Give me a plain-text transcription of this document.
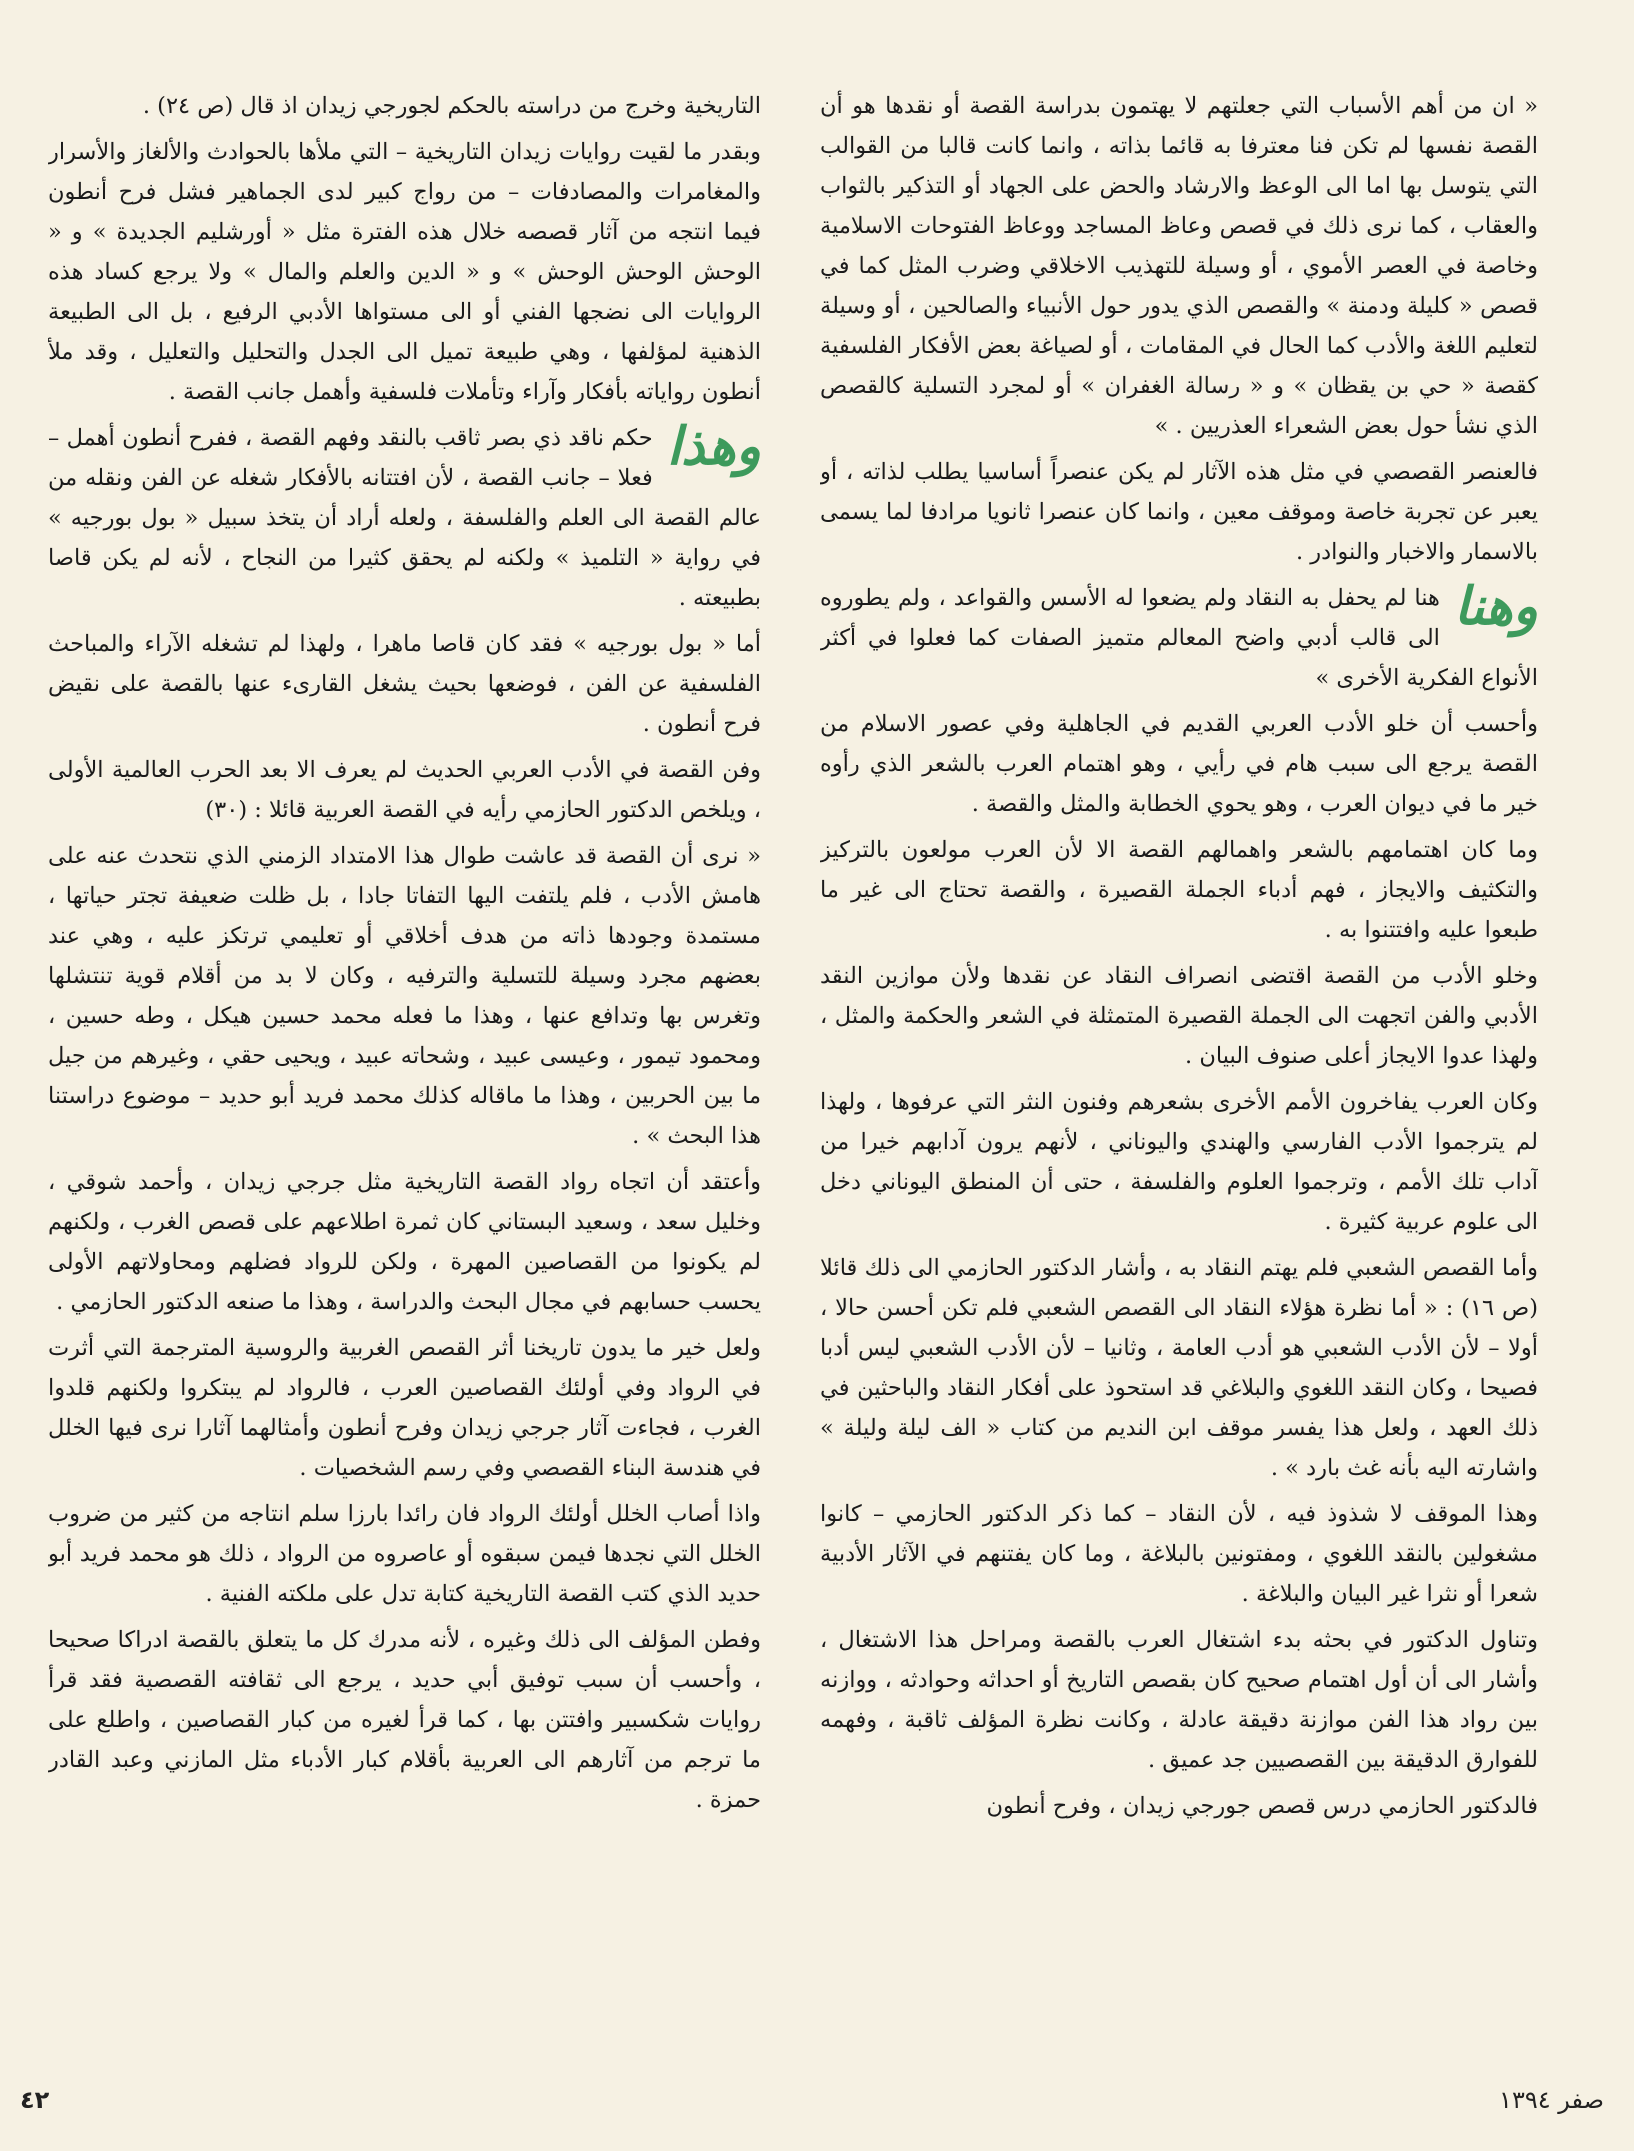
« ان من أهم الأسباب التي جعلتهم لا يهتمون بدراسة القصة أو نقدها هو أن القصة نفسها لم تكن فنا معترفا به قائما بذاته ، وانما كانت قالبا من القوالب التي يتوسل بها اما الى الوعظ والارشاد والحض على الجهاد أو التذكير بالثواب والعقاب ، كما نرى ذلك في قصص وعاظ المساجد ووعاظ الفتوحات الاسلامية وخاصة في العصر الأموي ، أو وسيلة للتهذيب الاخلاقي وضرب المثل كما في قصص « كليلة ودمنة » والقصص الذي يدور حول الأنبياء والصالحين ، أو وسيلة لتعليم اللغة والأدب كما الحال في المقامات ، أو لصياغة بعض الأفكار الفلسفية كقصة « حي بن يقظان » و « رسالة الغفران » أو لمجرد التسلية كالقصص الذي نشأ حول بعض الشعراء العذريين . »

فالعنصر القصصي في مثل هذه الآثار لم يكن عنصراً أساسيا يطلب لذاته ، أو يعبر عن تجربة خاصة وموقف معين ، وانما كان عنصرا ثانويا مرادفا لما يسمى بالاسمار والاخبار والنوادر .

وهنا
هنا لم يحفل به النقاد ولم يضعوا له الأسس والقواعد ، ولم يطوروه الى قالب أدبي واضح المعالم متميز الصفات كما فعلوا في أكثر الأنواع الفكرية الأخرى »

وأحسب أن خلو الأدب العربي القديم في الجاهلية وفي عصور الاسلام من القصة يرجع الى سبب هام في رأيي ، وهو اهتمام العرب بالشعر الذي رأوه خير ما في ديوان العرب ، وهو يحوي الخطابة والمثل والقصة .

وما كان اهتمامهم بالشعر واهمالهم القصة الا لأن العرب مولعون بالتركيز والتكثيف والايجاز ، فهم أدباء الجملة القصيرة ، والقصة تحتاج الى غير ما طبعوا عليه وافتتنوا به .

وخلو الأدب من القصة اقتضى انصراف النقاد عن نقدها ولأن موازين النقد الأدبي والفن اتجهت الى الجملة القصيرة المتمثلة في الشعر والحكمة والمثل ، ولهذا عدوا الايجاز أعلى صنوف البيان .

وكان العرب يفاخرون الأمم الأخرى بشعرهم وفنون النثر التي عرفوها ، ولهذا لم يترجموا الأدب الفارسي والهندي واليوناني ، لأنهم يرون آدابهم خيرا من آداب تلك الأمم ، وترجموا العلوم والفلسفة ، حتى أن المنطق اليوناني دخل الى علوم عربية كثيرة .

وأما القصص الشعبي فلم يهتم النقاد به ، وأشار الدكتور الحازمي الى ذلك قائلا (ص ١٦) : « أما نظرة هؤلاء النقاد الى القصص الشعبي فلم تكن أحسن حالا ، أولا – لأن الأدب الشعبي هو أدب العامة ، وثانيا – لأن الأدب الشعبي ليس أدبا فصيحا ، وكان النقد اللغوي والبلاغي قد استحوذ على أفكار النقاد والباحثين في ذلك العهد ، ولعل هذا يفسر موقف ابن النديم من كتاب « الف ليلة وليلة » واشارته اليه بأنه غث بارد » .

وهذا الموقف لا شذوذ فيه ، لأن النقاد – كما ذكر الدكتور الحازمي – كانوا مشغولين بالنقد اللغوي ، ومفتونين بالبلاغة ، وما كان يفتنهم في الآثار الأدبية شعرا أو نثرا غير البيان والبلاغة .

وتناول الدكتور في بحثه بدء اشتغال العرب بالقصة ومراحل هذا الاشتغال ، وأشار الى أن أول اهتمام صحيح كان بقصص التاريخ أو احداثه وحوادثه ، ووازنه بين رواد هذا الفن موازنة دقيقة عادلة ، وكانت نظرة المؤلف ثاقبة ، وفهمه للفوارق الدقيقة بين القصصيين جد عميق .

فالدكتور الحازمي درس قصص جورجي زيدان ، وفرح أنطون

التاريخية وخرج من دراسته بالحكم لجورجي زيدان اذ قال (ص ٢٤) .

وبقدر ما لقيت روايات زيدان التاريخية – التي ملأها بالحوادث والألغاز والأسرار والمغامرات والمصادفات – من رواج كبير لدى الجماهير فشل فرح أنطون فيما انتجه من آثار قصصه خلال هذه الفترة مثل « أورشليم الجديدة » و « الوحش الوحش الوحش » و « الدين والعلم والمال » ولا يرجع كساد هذه الروايات الى نضجها الفني أو الى مستواها الأدبي الرفيع ، بل الى الطبيعة الذهنية لمؤلفها ، وهي طبيعة تميل الى الجدل والتحليل والتعليل ، وقد ملأ أنطون رواياته بأفكار وآراء وتأملات فلسفية وأهمل جانب القصة .

وهذا
حكم ناقد ذي بصر ثاقب بالنقد وفهم القصة ، ففرح أنطون أهمل – فعلا – جانب القصة ، لأن افتتانه بالأفكار شغله عن الفن ونقله من عالم القصة الى العلم والفلسفة ، ولعله أراد أن يتخذ سبيل « بول بورجيه » في رواية « التلميذ » ولكنه لم يحقق كثيرا من النجاح ، لأنه لم يكن قاصا بطبيعته .

أما « بول بورجيه » فقد كان قاصا ماهرا ، ولهذا لم تشغله الآراء والمباحث الفلسفية عن الفن ، فوضعها بحيث يشغل القارىء عنها بالقصة على نقيض فرح أنطون .

وفن القصة في الأدب العربي الحديث لم يعرف الا بعد الحرب العالمية الأولى ، ويلخص الدكتور الحازمي رأيه في القصة العربية قائلا : (٣٠)

« نرى أن القصة قد عاشت طوال هذا الامتداد الزمني الذي نتحدث عنه على هامش الأدب ، فلم يلتفت اليها التفاتا جادا ، بل ظلت ضعيفة تجتر حياتها ، مستمدة وجودها ذاته من هدف أخلاقي أو تعليمي ترتكز عليه ، وهي عند بعضهم مجرد وسيلة للتسلية والترفيه ، وكان لا بد من أقلام قوية تنتشلها وتغرس بها وتدافع عنها ، وهذا ما فعله محمد حسين هيكل ، وطه حسين ، ومحمود تيمور ، وعيسى عبيد ، وشحاته عبيد ، ويحيى حقي ، وغيرهم من جيل ما بين الحربين ، وهذا ما ماقاله كذلك محمد فريد أبو حديد – موضوع دراستنا هذا البحث » .

وأعتقد أن اتجاه رواد القصة التاريخية مثل جرجي زيدان ، وأحمد شوقي ، وخليل سعد ، وسعيد البستاني كان ثمرة اطلاعهم على قصص الغرب ، ولكنهم لم يكونوا من القصاصين المهرة ، ولكن للرواد فضلهم ومحاولاتهم الأولى يحسب حسابهم في مجال البحث والدراسة ، وهذا ما صنعه الدكتور الحازمي .

ولعل خير ما يدون تاريخنا أثر القصص الغربية والروسية المترجمة التي أثرت في الرواد وفي أولئك القصاصين العرب ، فالرواد لم يبتكروا ولكنهم قلدوا الغرب ، فجاءت آثار جرجي زيدان وفرح أنطون وأمثالهما آثارا نرى فيها الخلل في هندسة البناء القصصي وفي رسم الشخصيات .

واذا أصاب الخلل أولئك الرواد فان رائدا بارزا سلم انتاجه من كثير من ضروب الخلل التي نجدها فيمن سبقوه أو عاصروه من الرواد ، ذلك هو محمد فريد أبو حديد الذي كتب القصة التاريخية كتابة تدل على ملكته الفنية .

وفطن المؤلف الى ذلك وغيره ، لأنه مدرك كل ما يتعلق بالقصة ادراكا صحيحا ، وأحسب أن سبب توفيق أبي حديد ، يرجع الى ثقافته القصصية فقد قرأ روايات شكسبير وافتتن بها ، كما قرأ لغيره من كبار القصاصين ، واطلع على ما ترجم من آثارهم الى العربية بأقلام كبار الأدباء مثل المازني وعبد القادر حمزة .

٤٢	صفر ١٣٩٤
